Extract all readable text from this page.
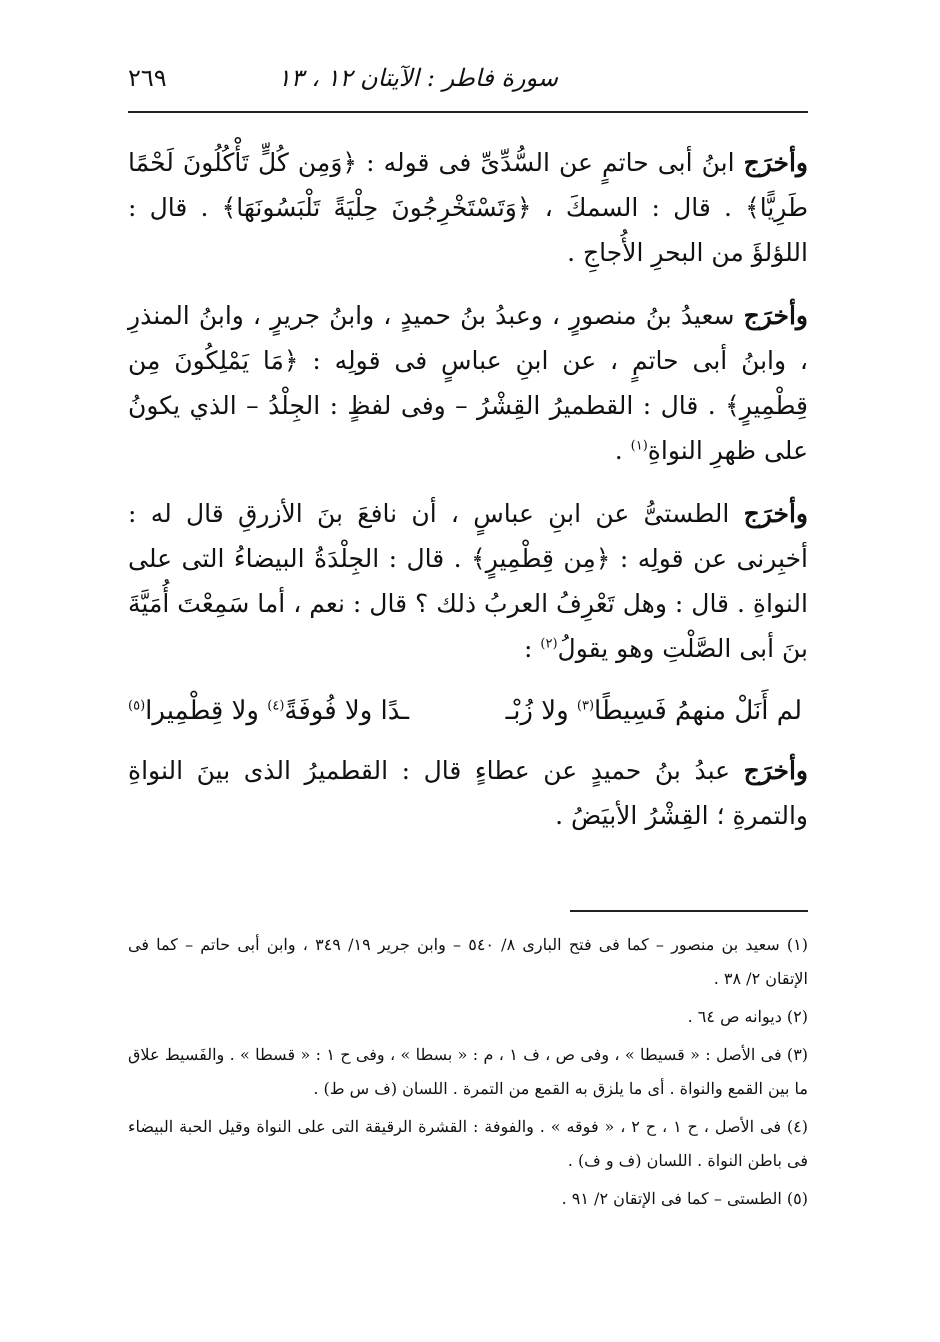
سورة فاطر : الآيتان ١٢ ، ١٣
٢٦٩

وأخرَج ابنُ أبى حاتمٍ عن السُّدِّىِّ فى قوله : ﴿وَمِن كُلٍّ تَأْكُلُونَ لَحْمًا طَرِيًّا﴾ . قال : السمكَ ، ﴿وَتَسْتَخْرِجُونَ حِلْيَةً تَلْبَسُونَهَا﴾ . قال : اللؤلؤَ من البحرِ الأُجاجِ .

وأخرَج سعيدُ بنُ منصورٍ ، وعبدُ بنُ حميدٍ ، وابنُ جريرٍ ، وابنُ المنذرِ ، وابنُ أبى حاتمٍ ، عن ابنِ عباسٍ فى قولِه : ﴿مَا يَمْلِكُونَ مِن قِطْمِيرٍ﴾ . قال : القطميرُ القِشْرُ – وفى لفظٍ : الجِلْدُ – الذي يكونُ على ظهرِ النواةِ$^{(١)}$ .

وأخرَج الطستىُّ عن ابنِ عباسٍ ، أن نافعَ بنَ الأزرقِ قال له : أخبِرنى عن قولِه : ﴿مِن قِطْمِيرٍ﴾ . قال : الجِلْدَةُ البيضاءُ التى على النواةِ . قال : وهل تَعْرِفُ العربُ ذلك ؟ قال : نعم ، أما سَمِعْتَ أُمَيَّةَ بنَ أبى الصَّلْتِ وهو يقولُ$^{(٢)}$ :

لم أَنَلْ منهمُ فَسِيطًا$^{(٣)}$ ولا زُبْـ
ـدًا ولا فُوفَةً$^{(٤)}$ ولا قِطْمِيرا$^{(٥)}$

وأخرَج عبدُ بنُ حميدٍ عن عطاءٍ قال : القطميرُ الذى بينَ النواةِ والتمرةِ ؛ القِشْرُ الأبيَضُ .

(١) سعيد بن منصور – كما فى فتح البارى ٨/ ٥٤٠ – وابن جرير ١٩/ ٣٤٩ ، وابن أبى حاتم – كما فى الإتقان ٢/ ٣٨ .

(٢) ديوانه ص ٦٤ .

(٣) فى الأصل : « قسيطا » ، وفى ص ، ف ١ ، م : « بسطا » ، وفى ح ١ : « قسطا » . والفَسيط علاق ما بين القمع والنواة . أى ما يلزق به القمع من التمرة . اللسان (ف س ط) .

(٤) فى الأصل ، ح ١ ، ح ٢ ، « فوقه » . والفوفة : القشرة الرقيقة التى على النواة وقيل الحبة البيضاء فى باطن النواة . اللسان (ف و ف) .

(٥) الطستى – كما فى الإتقان ٢/ ٩١ .
